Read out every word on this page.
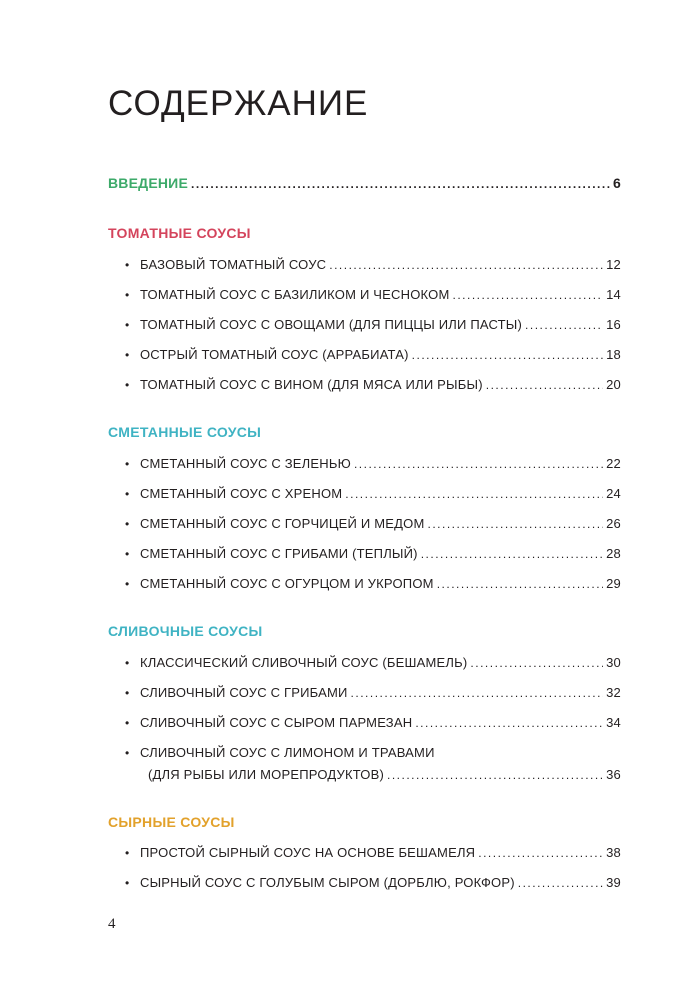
СОДЕРЖАНИЕ
ВВЕДЕНИЕ .....	6
ТОМАТНЫЕ СОУСЫ
• БАЗОВЫЙ ТОМАТНЫЙ СОУС .....	12
• ТОМАТНЫЙ СОУС С БАЗИЛИКОМ И ЧЕСНОКОМ .....	14
• ТОМАТНЫЙ СОУС С ОВОЩАМИ (ДЛЯ ПИЦЦЫ ИЛИ ПАСТЫ) .....	16
• ОСТРЫЙ ТОМАТНЫЙ СОУС (АРРАБИАТА) .....	18
• ТОМАТНЫЙ СОУС С ВИНОМ (ДЛЯ МЯСА ИЛИ РЫБЫ) .....	20
СМЕТАННЫЕ СОУСЫ
• СМЕТАННЫЙ СОУС С ЗЕЛЕНЬЮ .....	22
• СМЕТАННЫЙ СОУС С ХРЕНОМ .....	24
• СМЕТАННЫЙ СОУС С ГОРЧИЦЕЙ И МЕДОМ .....	26
• СМЕТАННЫЙ СОУС С ГРИБАМИ (ТЕПЛЫЙ) .....	28
• СМЕТАННЫЙ СОУС С ОГУРЦОМ И УКРОПОМ .....	29
СЛИВОЧНЫЕ СОУСЫ
• КЛАССИЧЕСКИЙ СЛИВОЧНЫЙ СОУС (БЕШАМЕЛЬ) .....	30
• СЛИВОЧНЫЙ СОУС С ГРИБАМИ .....	32
• СЛИВОЧНЫЙ СОУС С СЫРОМ ПАРМЕЗАН .....	34
• СЛИВОЧНЫЙ СОУС С ЛИМОНОМ И ТРАВАМИ
(ДЛЯ РЫБЫ ИЛИ МОРЕПРОДУКТОВ) .....	36
СЫРНЫЕ СОУСЫ
• ПРОСТОЙ СЫРНЫЙ СОУС НА ОСНОВЕ БЕШАМЕЛЯ .....	38
• СЫРНЫЙ СОУС С ГОЛУБЫМ СЫРОМ (ДОРБЛЮ, РОКФОР) .....	39
4
